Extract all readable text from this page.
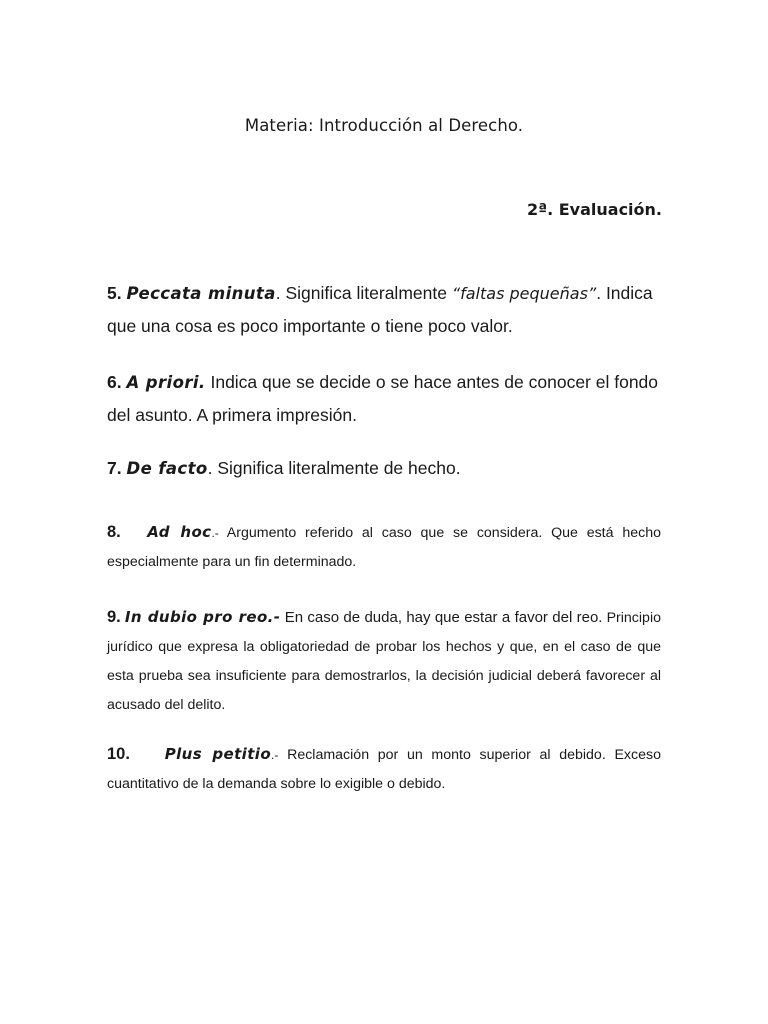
Materia: Introducción al Derecho.
2ª. Evaluación.
5. Peccata minuta. Significa literalmente “faltas pequeñas”. Indica que una cosa es poco importante o tiene poco valor.
6. A priori. Indica que se decide o se hace antes de conocer el fondo del asunto. A primera impresión.
7. De facto. Significa literalmente de hecho.
8. Ad hoc.- Argumento referido al caso que se considera. Que está hecho especialmente para un fin determinado.
9. In dubio pro reo.- En caso de duda, hay que estar a favor del reo. Principio jurídico que expresa la obligatoriedad de probar los hechos y que, en el caso de que esta prueba sea insuficiente para demostrarlos, la decisión judicial deberá favorecer al acusado del delito.
10. Plus petitio.- Reclamación por un monto superior al debido. Exceso cuantitativo de la demanda sobre lo exigible o debido.
